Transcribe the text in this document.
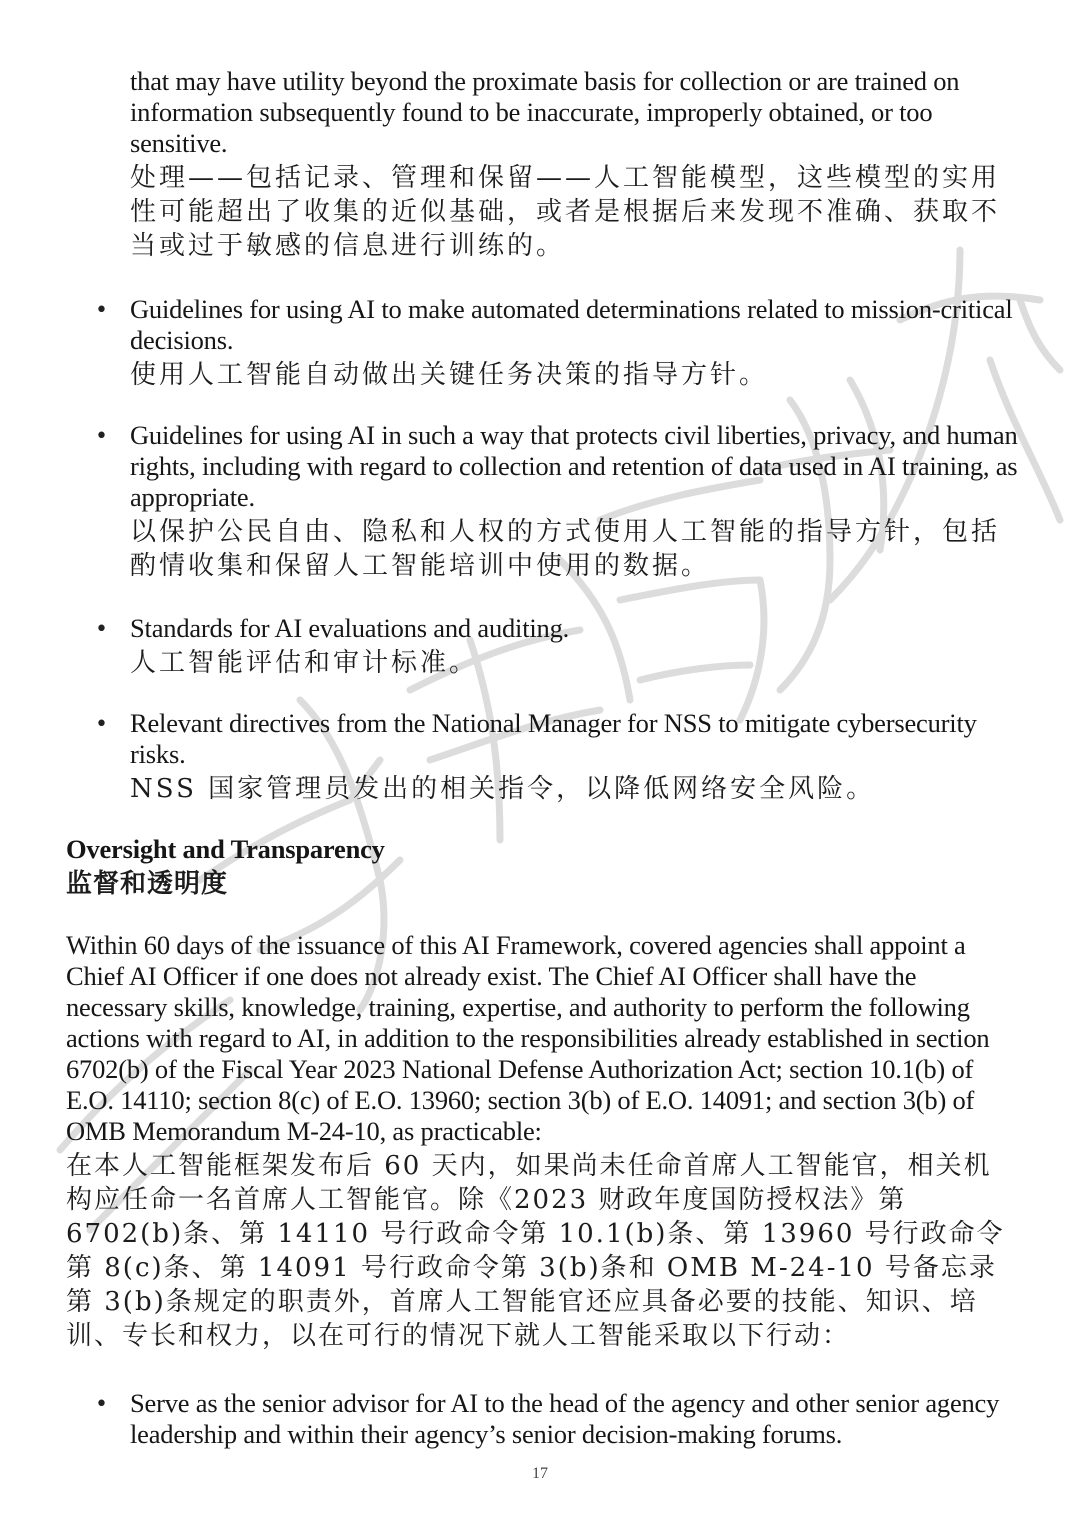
that may have utility beyond the proximate basis for collection or are trained on information subsequently found to be inaccurate, improperly obtained, or too sensitive.

处理——包括记录、管理和保留——人工智能模型，这些模型的实用性可能超出了收集的近似基础，或者是根据后来发现不准确、获取不当或过于敏感的信息进行训练的。

• Guidelines for using AI to make automated determinations related to mission-critical decisions.

使用人工智能自动做出关键任务决策的指导方针。

• Guidelines for using AI in such a way that protects civil liberties, privacy, and human rights, including with regard to collection and retention of data used in AI training, as appropriate.

以保护公民自由、隐私和人权的方式使用人工智能的指导方针，包括酌情收集和保留人工智能培训中使用的数据。

• Standards for AI evaluations and auditing.

人工智能评估和审计标准。

• Relevant directives from the National Manager for NSS to mitigate cybersecurity risks.

NSS 国家管理员发出的相关指令，以降低网络安全风险。

Oversight and Transparency

监督和透明度

Within 60 days of the issuance of this AI Framework, covered agencies shall appoint a Chief AI Officer if one does not already exist. The Chief AI Officer shall have the necessary skills, knowledge, training, expertise, and authority to perform the following actions with regard to AI, in addition to the responsibilities already established in section 6702(b) of the Fiscal Year 2023 National Defense Authorization Act; section 10.1(b) of E.O. 14110; section 8(c) of E.O. 13960; section 3(b) of E.O. 14091; and section 3(b) of OMB Memorandum M-24-10, as practicable:

在本人工智能框架发布后 60 天内，如果尚未任命首席人工智能官，相关机构应任命一名首席人工智能官。除《2023 财政年度国防授权法》第 6702(b)条、第 14110 号行政命令第 10.1(b)条、第 13960 号行政命令第 8(c)条、第 14091 号行政命令第 3(b)条和 OMB M-24-10 号备忘录第 3(b)条规定的职责外，首席人工智能官还应具备必要的技能、知识、培训、专长和权力，以在可行的情况下就人工智能采取以下行动：

• Serve as the senior advisor for AI to the head of the agency and other senior agency leadership and within their agency’s senior decision-making forums.

17
